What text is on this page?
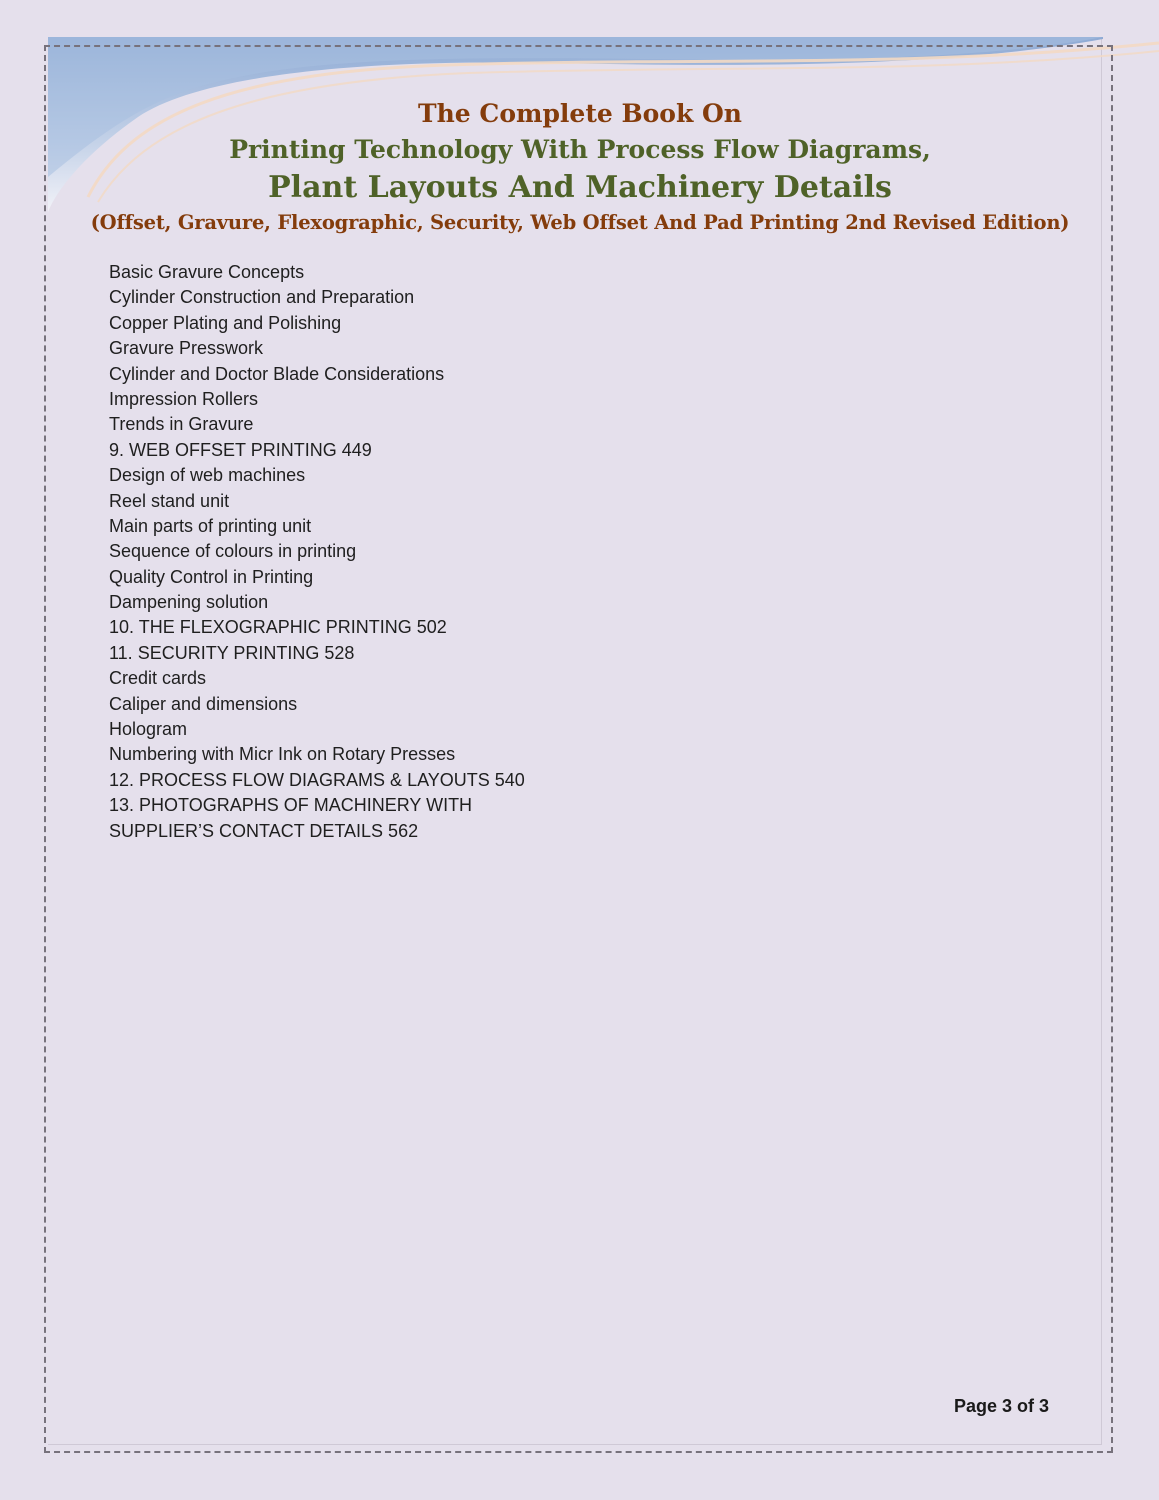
The Complete Book On
Printing Technology With Process Flow Diagrams,
Plant Layouts And Machinery Details
(Offset, Gravure, Flexographic, Security, Web Offset And Pad Printing 2nd Revised Edition)
Basic Gravure Concepts
Cylinder Construction and Preparation
Copper Plating and Polishing
Gravure Presswork
Cylinder and Doctor Blade Considerations
Impression Rollers
Trends in Gravure
9. WEB OFFSET PRINTING 449
Design of web machines
Reel stand unit
Main parts of printing unit
Sequence of colours in printing
Quality Control in Printing
Dampening solution
10. THE FLEXOGRAPHIC PRINTING 502
11. SECURITY PRINTING 528
Credit cards
Caliper and dimensions
Hologram
Numbering with Micr Ink on Rotary Presses
12. PROCESS FLOW DIAGRAMS & LAYOUTS 540
13. PHOTOGRAPHS OF MACHINERY WITH
SUPPLIER’S CONTACT DETAILS 562
Page 3 of 3
